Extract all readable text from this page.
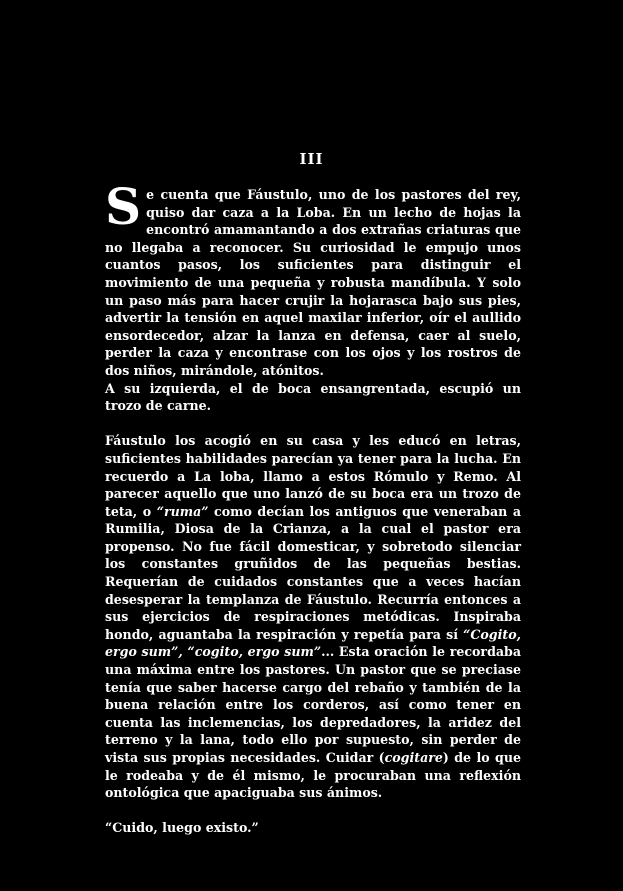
III

Se cuenta que Fáustulo, uno de los pastores del rey, quiso dar caza a la Loba. En un lecho de hojas la encontró amamantando a dos extrañas criaturas que no llegaba a reconocer. Su curiosidad le empujo unos cuantos pasos, los suficientes para distinguir el movimiento de una pequeña y robusta mandíbula. Y solo un paso más para hacer crujir la hojarasca bajo sus pies, advertir la tensión en aquel maxilar inferior, oír el aullido ensordecedor, alzar la lanza en defensa, caer al suelo, perder la caza y encontrase con los ojos y los rostros de dos niños, mirándole, atónitos.

A su izquierda, el de boca ensangrentada, escupió un trozo de carne.

Fáustulo los acogió en su casa y les educó en letras, suficientes habilidades parecían ya tener para la lucha. En recuerdo a La loba, llamo a estos Rómulo y Remo. Al parecer aquello que uno lanzó de su boca era un trozo de teta, o “ruma” como decían los antiguos que veneraban a Rumilia, Diosa de la Crianza, a la cual el pastor era propenso. No fue fácil domesticar, y sobretodo silenciar los constantes gruñidos de las pequeñas bestias. Requerían de cuidados constantes que a veces hacían desesperar la templanza de Fáustulo. Recurría entonces a sus ejercicios de respiraciones metódicas. Inspiraba hondo, aguantaba la respiración y repetía para sí “Cogito, ergo sum”, “cogito, ergo sum”... Esta oración le recordaba una máxima entre los pastores. Un pastor que se preciase tenía que saber hacerse cargo del rebaño y también de la buena relación entre los corderos, así como tener en cuenta las inclemencias, los depredadores, la aridez del terreno y la lana, todo ello por supuesto, sin perder de vista sus propias necesidades. Cuidar (cogitare) de lo que le rodeaba y de él mismo, le procuraban una reflexión ontológica que apaciguaba sus ánimos.

“Cuido, luego existo.”
